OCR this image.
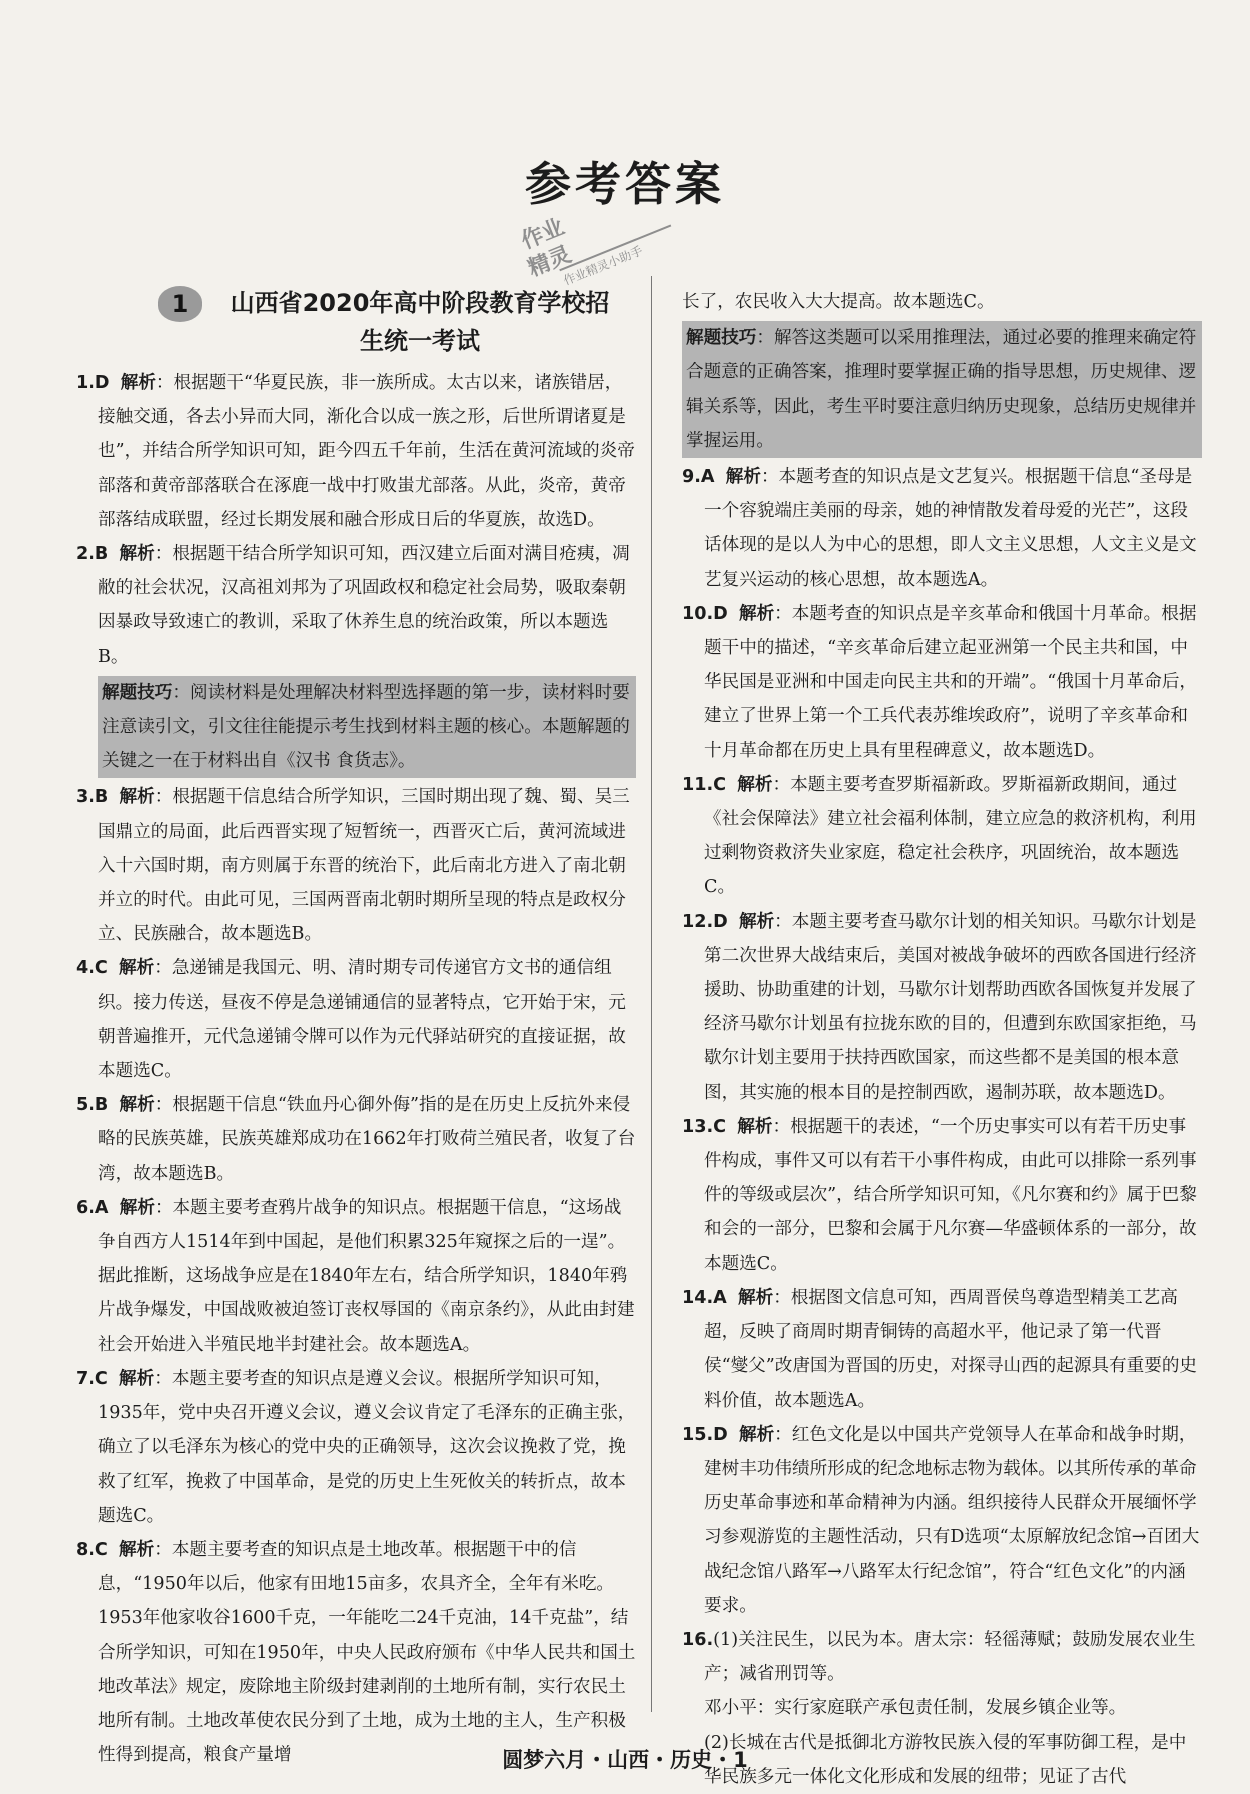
参考答案
作业
精灵
作业精灵小助手
1	山西省2020年高中阶段教育学校招生统一考试

1.D 解析：根据题干“华夏民族，非一族所成。太古以来，诸族错居，接触交通，各去小异而大同，渐化合以成一族之形，后世所谓诸夏是也”，并结合所学知识可知，距今四五千年前，生活在黄河流域的炎帝部落和黄帝部落联合在涿鹿一战中打败蚩尤部落。从此，炎帝，黄帝部落结成联盟，经过长期发展和融合形成日后的华夏族，故选D。

2.B 解析：根据题干结合所学知识可知，西汉建立后面对满目疮痍，凋敝的社会状况，汉高祖刘邦为了巩固政权和稳定社会局势，吸取秦朝因暴政导致速亡的教训，采取了休养生息的统治政策，所以本题选B。

解题技巧：阅读材料是处理解决材料型选择题的第一步，读材料时要注意读引文，引文往往能提示考生找到材料主题的核心。本题解题的关键之一在于材料出自《汉书 食货志》。

3.B 解析：根据题干信息结合所学知识，三国时期出现了魏、蜀、吴三国鼎立的局面，此后西晋实现了短暂统一，西晋灭亡后，黄河流域进入十六国时期，南方则属于东晋的统治下，此后南北方进入了南北朝并立的时代。由此可见，三国两晋南北朝时期所呈现的特点是政权分立、民族融合，故本题选B。

4.C 解析：急递铺是我国元、明、清时期专司传递官方文书的通信组织。接力传送，昼夜不停是急递铺通信的显著特点，它开始于宋，元朝普遍推开，元代急递铺令牌可以作为元代驿站研究的直接证据，故本题选C。

5.B 解析：根据题干信息“铁血丹心御外侮”指的是在历史上反抗外来侵略的民族英雄，民族英雄郑成功在1662年打败荷兰殖民者，收复了台湾，故本题选B。

6.A 解析：本题主要考查鸦片战争的知识点。根据题干信息，“这场战争自西方人1514年到中国起，是他们积累325年窥探之后的一逞”。据此推断，这场战争应是在1840年左右，结合所学知识，1840年鸦片战争爆发，中国战败被迫签订丧权辱国的《南京条约》，从此由封建社会开始进入半殖民地半封建社会。故本题选A。

7.C 解析：本题主要考查的知识点是遵义会议。根据所学知识可知，1935年，党中央召开遵义会议，遵义会议肯定了毛泽东的正确主张，确立了以毛泽东为核心的党中央的正确领导，这次会议挽救了党，挽救了红军，挽救了中国革命，是党的历史上生死攸关的转折点，故本题选C。

8.C 解析：本题主要考查的知识点是土地改革。根据题干中的信息，“1950年以后，他家有田地15亩多，农具齐全，全年有米吃。1953年他家收谷1600千克，一年能吃二24千克油，14千克盐”，结合所学知识，可知在1950年，中央人民政府颁布《中华人民共和国土地改革法》规定，废除地主阶级封建剥削的土地所有制，实行农民土地所有制。土地改革使农民分到了土地，成为土地的主人，生产积极性得到提高，粮食产量增

长了，农民收入大大提高。故本题选C。

解题技巧：解答这类题可以采用推理法，通过必要的推理来确定符合题意的正确答案，推理时要掌握正确的指导思想，历史规律、逻辑关系等，因此，考生平时要注意归纳历史现象，总结历史规律并掌握运用。

9.A 解析：本题考查的知识点是文艺复兴。根据题干信息“圣母是一个容貌端庄美丽的母亲，她的神情散发着母爱的光芒”，这段话体现的是以人为中心的思想，即人文主义思想，人文主义是文艺复兴运动的核心思想，故本题选A。

10.D 解析：本题考查的知识点是辛亥革命和俄国十月革命。根据题干中的描述，“辛亥革命后建立起亚洲第一个民主共和国，中华民国是亚洲和中国走向民主共和的开端”。“俄国十月革命后，建立了世界上第一个工兵代表苏维埃政府”，说明了辛亥革命和十月革命都在历史上具有里程碑意义，故本题选D。

11.C 解析：本题主要考查罗斯福新政。罗斯福新政期间，通过《社会保障法》建立社会福利体制，建立应急的救济机构，利用过剩物资救济失业家庭，稳定社会秩序，巩固统治，故本题选C。

12.D 解析：本题主要考查马歇尔计划的相关知识。马歇尔计划是第二次世界大战结束后，美国对被战争破坏的西欧各国进行经济援助、协助重建的计划，马歇尔计划帮助西欧各国恢复并发展了经济马歇尔计划虽有拉拢东欧的目的，但遭到东欧国家拒绝，马歇尔计划主要用于扶持西欧国家，而这些都不是美国的根本意图，其实施的根本目的是控制西欧，遏制苏联，故本题选D。

13.C 解析：根据题干的表述，“一个历史事实可以有若干历史事件构成，事件又可以有若干小事件构成，由此可以排除一系列事件的等级或层次”，结合所学知识可知，《凡尔赛和约》属于巴黎和会的一部分，巴黎和会属于凡尔赛—华盛顿体系的一部分，故本题选C。

14.A 解析：根据图文信息可知，西周晋侯鸟尊造型精美工艺高超，反映了商周时期青铜铸的高超水平，他记录了第一代晋侯“燮父”改唐国为晋国的历史，对探寻山西的起源具有重要的史料价值，故本题选A。

15.D 解析：红色文化是以中国共产党领导人在革命和战争时期，建树丰功伟绩所形成的纪念地标志物为载体。以其所传承的革命历史革命事迹和革命精神为内涵。组织接待人民群众开展缅怀学习参观游览的主题性活动，只有D选项“太原解放纪念馆→百团大战纪念馆八路军→八路军太行纪念馆”，符合“红色文化”的内涵要求。

16.(1)关注民生，以民为本。唐太宗：轻徭薄赋；鼓励发展农业生产；减省刑罚等。

邓小平：实行家庭联产承包责任制，发展乡镇企业等。

(2)长城在古代是抵御北方游牧民族入侵的军事防御工程，是中华民族多元一体化文化形成和发展的纽带；见证了古代

圆梦六月・山西・历史・1
